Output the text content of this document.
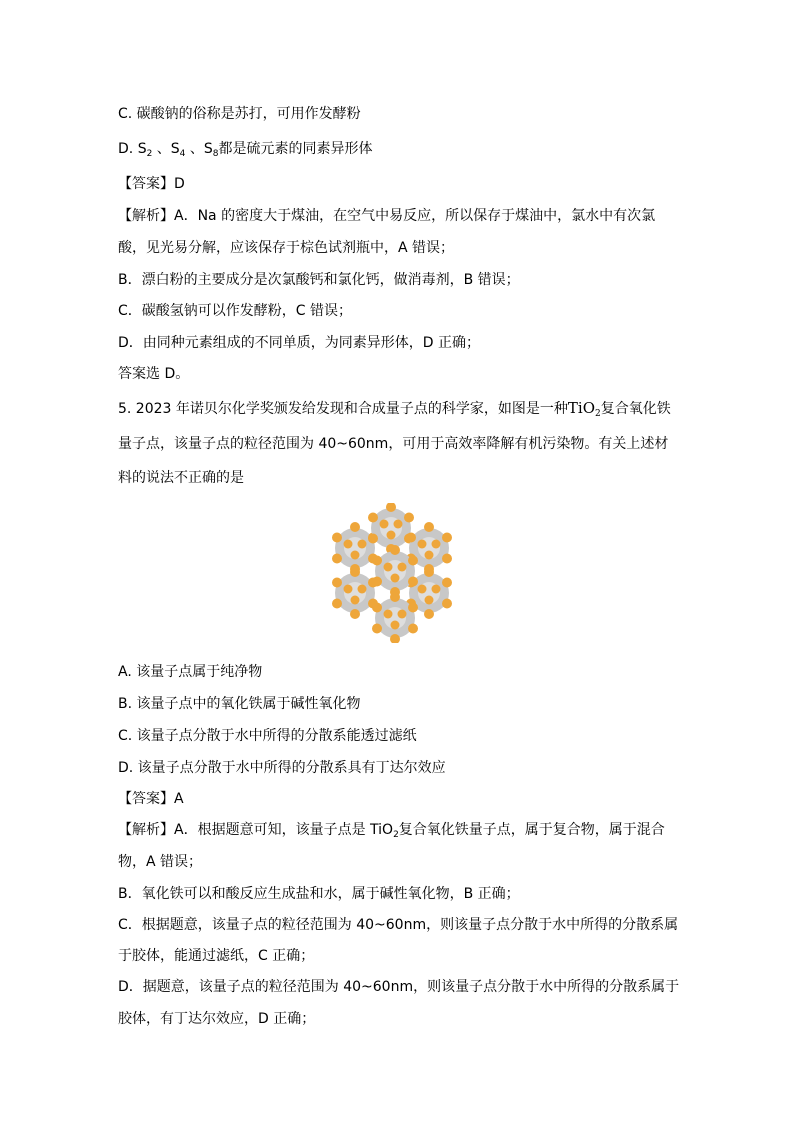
C. 碳酸钠的俗称是苏打，可用作发酵粉
D. $S_2$ 、$S_4$ 、$S_8$都是硫元素的同素异形体
【答案】D
【解析】A．Na 的密度大于煤油，在空气中易反应，所以保存于煤油中，氯水中有次氯
酸，见光易分解，应该保存于棕色试剂瓶中，A 错误；
B．漂白粉的主要成分是次氯酸钙和氯化钙，做消毒剂，B 错误；
C．碳酸氢钠可以作发酵粉，C 错误；
D．由同种元素组成的不同单质，为同素异形体，D 正确；
答案选 D。
5. 2023 年诺贝尔化学奖颁发给发现和合成量子点的科学家，如图是一种TiO$_2$复合氧化铁
量子点，该量子点的粒径范围为 40~60nm，可用于高效率降解有机污染物。有关上述材
料的说法不正确的是
A. 该量子点属于纯净物
B. 该量子点中的氧化铁属于碱性氧化物
C. 该量子点分散于水中所得的分散系能透过滤纸
D. 该量子点分散于水中所得的分散系具有丁达尔效应
【答案】A
【解析】A．根据题意可知，该量子点是 TiO$_2$复合氧化铁量子点，属于复合物，属于混合
物，A 错误；
B．氧化铁可以和酸反应生成盐和水，属于碱性氧化物，B 正确；
C．根据题意，该量子点的粒径范围为 40~60nm，则该量子点分散于水中所得的分散系属
于胶体，能通过滤纸，C 正确；
D．据题意，该量子点的粒径范围为 40~60nm，则该量子点分散于水中所得的分散系属于
胶体，有丁达尔效应，D 正确；
